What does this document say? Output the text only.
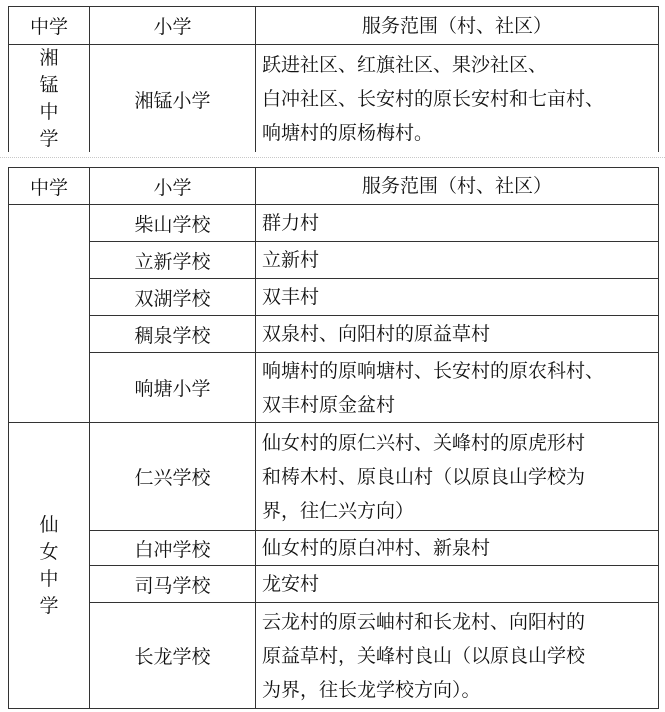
中学	小学	服务范围（村、社区）
湘锰中学	湘锰小学	跃进社区、红旗社区、果沙社区、
白冲社区、长安村的原长安村和七亩村、
响塘村的原杨梅村。
中学	小学	服务范围（村、社区）
	柴山学校	群力村
	立新学校	立新村
	双湖学校	双丰村
	稠泉学校	双泉村、向阳村的原益草村
	响塘小学	响塘村的原响塘村、长安村的原农科村、
双丰村原金盆村

仙女中学	仁兴学校	仙女村的原仁兴村、关峰村的原虎形村
和梼木村、原良山村（以原良山学校为
界，往仁兴方向）

	白冲学校	仙女村的原白冲村、新泉村
	司马学校	龙安村
	长龙学校	云龙村的原云岫村和长龙村、向阳村的
原益草村，关峰村良山（以原良山学校
为界，往长龙学校方向）。
